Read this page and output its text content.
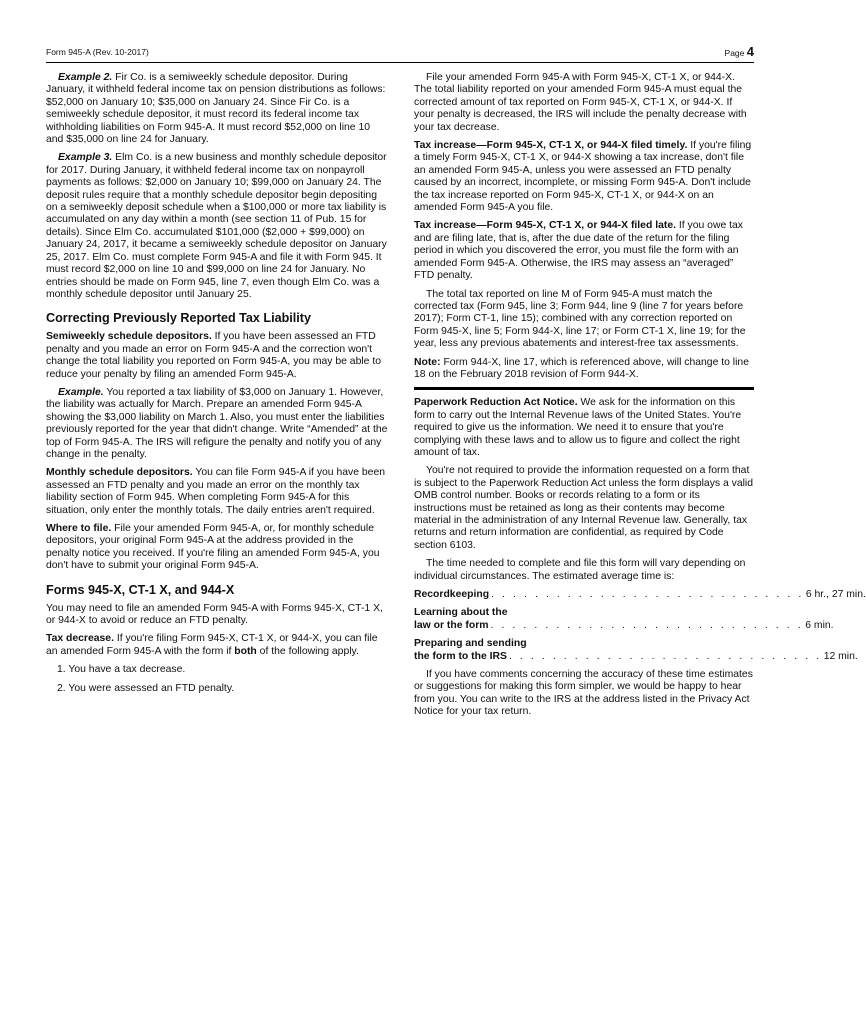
Form 945-A (Rev. 10-2017)	Page 4

Example 2. Fir Co. is a semiweekly schedule depositor. During January, it withheld federal income tax on pension distributions as follows: $52,000 on January 10; $35,000 on January 24. Since Fir Co. is a semiweekly schedule depositor, it must record its federal income tax withholding liabilities on Form 945-A. It must record $52,000 on line 10 and $35,000 on line 24 for January.

Example 3. Elm Co. is a new business and monthly schedule depositor for 2017. During January, it withheld federal income tax on nonpayroll payments as follows: $2,000 on January 10; $99,000 on January 24. The deposit rules require that a monthly schedule depositor begin depositing on a semiweekly deposit schedule when a $100,000 or more tax liability is accumulated on any day within a month (see section 11 of Pub. 15 for details). Since Elm Co. accumulated $101,000 ($2,000 + $99,000) on January 24, 2017, it became a semiweekly schedule depositor on January 25, 2017. Elm Co. must complete Form 945-A and file it with Form 945. It must record $2,000 on line 10 and $99,000 on line 24 for January. No entries should be made on Form 945, line 7, even though Elm Co. was a monthly schedule depositor until January 25.

Correcting Previously Reported Tax Liability

Semiweekly schedule depositors. If you have been assessed an FTD penalty and you made an error on Form 945-A and the correction won't change the total liability you reported on Form 945-A, you may be able to reduce your penalty by filing an amended Form 945-A.

Example. You reported a tax liability of $3,000 on January 1. However, the liability was actually for March. Prepare an amended Form 945-A showing the $3,000 liability on March 1. Also, you must enter the liabilities previously reported for the year that didn't change. Write “Amended” at the top of Form 945-A. The IRS will refigure the penalty and notify you of any change in the penalty.

Monthly schedule depositors. You can file Form 945-A if you have been assessed an FTD penalty and you made an error on the monthly tax liability section of Form 945. When completing Form 945-A for this situation, only enter the monthly totals. The daily entries aren't required.

Where to file. File your amended Form 945-A, or, for monthly schedule depositors, your original Form 945-A at the address provided in the penalty notice you received. If you're filing an amended Form 945-A, you don't have to submit your original Form 945-A.

Forms 945-X, CT-1 X, and 944-X

You may need to file an amended Form 945-A with Forms 945-X, CT-1 X, or 944-X to avoid or reduce an FTD penalty.

Tax decrease. If you're filing Form 945-X, CT-1 X, or 944-X, you can file an amended Form 945-A with the form if both of the following apply.

1. You have a tax decrease.
2. You were assessed an FTD penalty.

File your amended Form 945-A with Form 945-X, CT-1 X, or 944-X. The total liability reported on your amended Form 945-A must equal the corrected amount of tax reported on Form 945-X, CT-1 X, or 944-X. If your penalty is decreased, the IRS will include the penalty decrease with your tax decrease.

Tax increase—Form 945-X, CT-1 X, or 944-X filed timely. If you're filing a timely Form 945-X, CT-1 X, or 944-X showing a tax increase, don't file an amended Form 945-A, unless you were assessed an FTD penalty caused by an incorrect, incomplete, or missing Form 945-A. Don't include the tax increase reported on Form 945-X, CT-1 X, or 944-X on an amended Form 945-A you file.

Tax increase—Form 945-X, CT-1 X, or 944-X filed late. If you owe tax and are filing late, that is, after the due date of the return for the filing period in which you discovered the error, you must file the form with an amended Form 945-A. Otherwise, the IRS may assess an “averaged” FTD penalty.

The total tax reported on line M of Form 945-A must match the corrected tax (Form 945, line 3; Form 944, line 9 (line 7 for years before 2017); Form CT-1, line 15); combined with any correction reported on Form 945-X, line 5; Form 944-X, line 17; or Form CT-1 X, line 19; for the year, less any previous abatements and interest-free tax assessments.

Note: Form 944-X, line 17, which is referenced above, will change to line 18 on the February 2018 revision of Form 944-X.

Paperwork Reduction Act Notice. We ask for the information on this form to carry out the Internal Revenue laws of the United States. You're required to give us the information. We need it to ensure that you're complying with these laws and to allow us to figure and collect the right amount of tax.

You're not required to provide the information requested on a form that is subject to the Paperwork Reduction Act unless the form displays a valid OMB control number. Books or records relating to a form or its instructions must be retained as long as their contents may become material in the administration of any Internal Revenue law. Generally, tax returns and return information are confidential, as required by Code section 6103.

The time needed to complete and file this form will vary depending on individual circumstances. The estimated average time is:

Recordkeeping . . . . . . . . . . . . . . . . . . . . . . . . . . . . . 6 hr., 27 min.
Learning about the
law or the form . . . . . . . . . . . . . . . . . . . . . . . . . . . . . 6 min.
Preparing and sending
the form to the IRS . . . . . . . . . . . . . . . . . . . . . . . . . . . . . 12 min.

If you have comments concerning the accuracy of these time estimates or suggestions for making this form simpler, we would be happy to hear from you. You can write to the IRS at the address listed in the Privacy Act Notice for your tax return.
